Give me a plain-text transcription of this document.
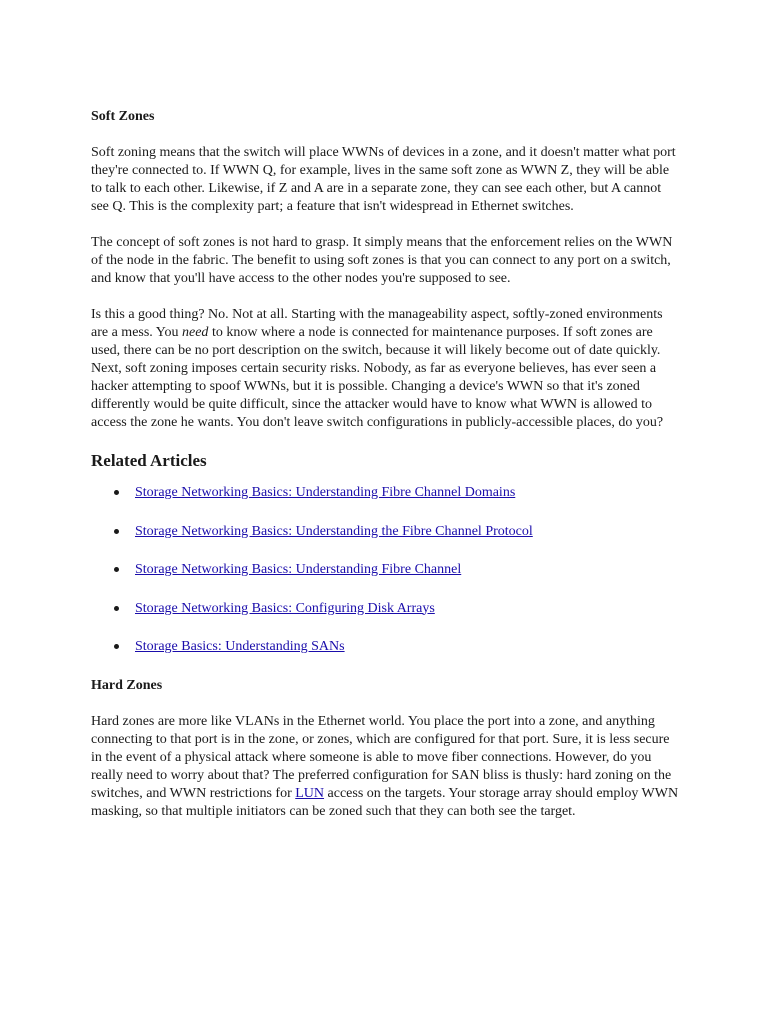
Soft Zones

Soft zoning means that the switch will place WWNs of devices in a zone, and it doesn't matter what port they're connected to. If WWN Q, for example, lives in the same soft zone as WWN Z, they will be able to talk to each other. Likewise, if Z and A are in a separate zone, they can see each other, but A cannot see Q. This is the complexity part; a feature that isn't widespread in Ethernet switches.

The concept of soft zones is not hard to grasp. It simply means that the enforcement relies on the WWN of the node in the fabric. The benefit to using soft zones is that you can connect to any port on a switch, and know that you'll have access to the other nodes you're supposed to see.

Is this a good thing? No. Not at all. Starting with the manageability aspect, softly-zoned environments are a mess. You need to know where a node is connected for maintenance purposes. If soft zones are used, there can be no port description on the switch, because it will likely become out of date quickly. Next, soft zoning imposes certain security risks. Nobody, as far as everyone believes, has ever seen a hacker attempting to spoof WWNs, but it is possible. Changing a device's WWN so that it's zoned differently would be quite difficult, since the attacker would have to know what WWN is allowed to access the zone he wants. You don't leave switch configurations in publicly-accessible places, do you?

Related Articles
Storage Networking Basics: Understanding Fibre Channel Domains
Storage Networking Basics: Understanding the Fibre Channel Protocol
Storage Networking Basics: Understanding Fibre Channel
Storage Networking Basics: Configuring Disk Arrays
Storage Basics: Understanding SANs
Hard Zones

Hard zones are more like VLANs in the Ethernet world. You place the port into a zone, and anything connecting to that port is in the zone, or zones, which are configured for that port. Sure, it is less secure in the event of a physical attack where someone is able to move fiber connections. However, do you really need to worry about that? The preferred configuration for SAN bliss is thusly: hard zoning on the switches, and WWN restrictions for LUN access on the targets. Your storage array should employ WWN masking, so that multiple initiators can be zoned such that they can both see the target.
